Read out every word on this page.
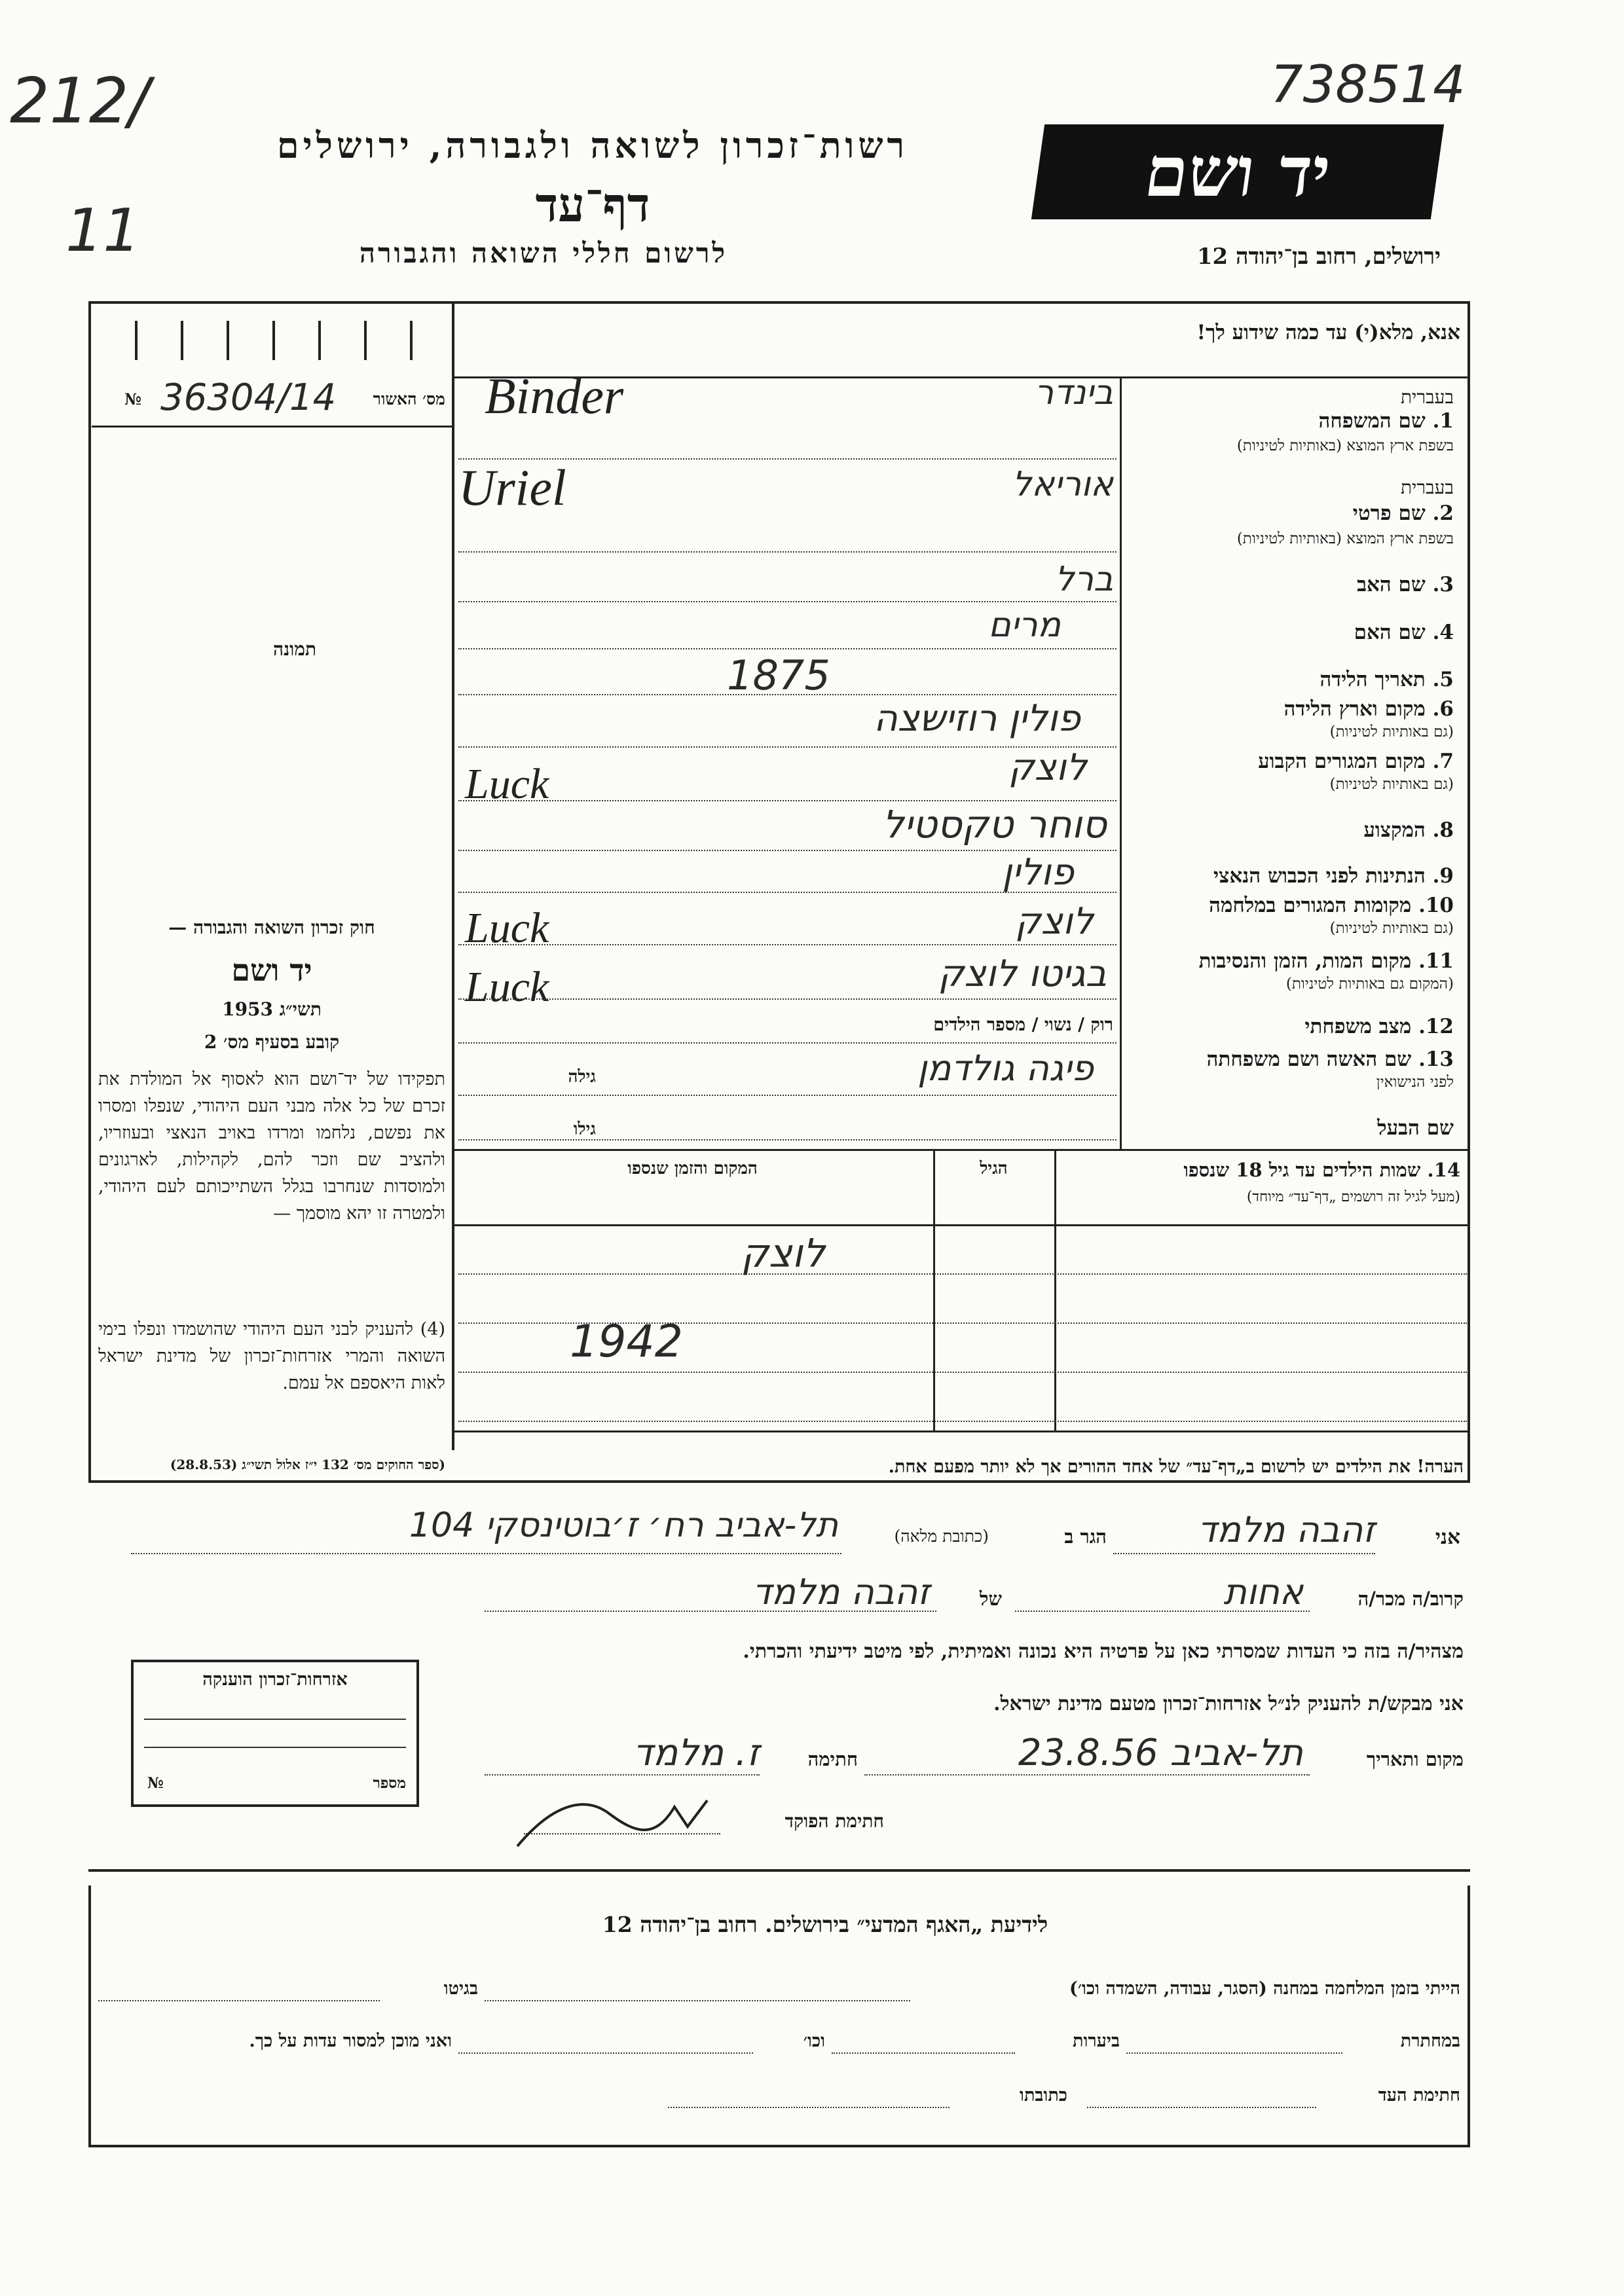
212/
11
738514
רשות־זכרון לשואה ולגבורה, ירושלים
דף־עד
לרשום חללי השואה והגבורה
יד ושם
ירושלים, רחוב בן־יהודה 12
№ 36304/14	מס׳ האשור
תמונה
אנא, מלא(י) עד כמה שידוע לך!
בעברית
1. שם המשפחה
בשפת ארץ המוצא (באותיות לטיניות)
בינדר
Binder
בעברית
2. שם פרטי
בשפת ארץ המוצא (באותיות לטיניות)
אוריאל
Uriel
3. שם האב
ברל
4. שם האם
מרים
5. תאריך הלידה
1875
6. מקום וארץ הלידה
(גם באותיות לטיניות)
פולין רוזישצה
7. מקום המגורים הקבוע
(גם באותיות לטיניות)
לוצק
Luck
8. המקצוע
סוחר טקסטיל
9. הנתינות לפני הכבוש הנאצי
פולין
10. מקומות המגורים במלחמה
(גם באותיות לטיניות)
לוצק
Luck
11. מקום המות, הזמן והנסיבות
(המקום גם באותיות לטיניות)
בגיטו לוצק
Luck
12. מצב משפחתי
רוק / נשוי / מספר הילדים
13. שם האשה ושם משפחתה
לפני הנישואין
פיגה גולדמן
גילה
שם הבעל
גילו
14. שמות הילדים עד גיל 18 שנספו
(מעל לגיל זה רושמים „דף־עד״ מיוחד)
הגיל
המקום והזמן שנספו
לוצק
1942
הערה! את הילדים יש לרשום ב„דף־עד״ של אחד ההורים אך לא יותר מפעם אחת.
חוק זכרון השואה והגבורה —
יד ושם
תשי״ג 1953
קובע בסעיף מס׳ 2
תפקידו של יד־ושם הוא לאסוף אל המולדת את זכרם של כל אלה מבני העם היהודי, שנפלו ומסרו את נפשם, נלחמו ומרדו באויב הנאצי ובעוזריו, ולהציב שם וזכר להם, לקהילות, לארגונים ולמוסדות שנחרבו בגלל השתייכותם לעם היהודי, ולמטרה זו יהא מוסמך —
(4) להעניק לבני העם היהודי שהושמדו ונפלו בימי השואה והמרי אזרחות־זכרון של מדינת ישראל לאות היאספם אל עמם.
(ספר החוקים מס׳ 132 י״ז אלול תשי״ג (28.8.53)
אני
זהבה מלמד
הגר ב
(כתובת מלאה)
תל-אביב רח׳ ז׳בוטינסקי 104
קרוב/ה מכר/ה
אחות
של
זהבה מלמד
מצהיר/ה בזה כי העדות שמסרתי כאן על פרטיה היא נכונה ואמיתית, לפי מיטב ידיעתי והכרתי.
אני מבקש/ת להעניק לנ״ל אזרחות־זכרון מטעם מדינת ישראל.
מקום ותאריך
תל-אביב 23.8.56
חתימה
ז. מלמד
חתימת הפוקד
אזרחות־זכרון הוענקה
№	מספר
לידיעת „האגף המדעי״ בירושלים. רחוב בן־יהודה 12
הייתי בזמן המלחמה במחנה (הסגר, עבודה, השמדה וכו׳)
בגיטו
במחתרת
ביערות
וכו׳
ואני מוכן למסור עדות על כך.
חתימת העד
כתובתו
